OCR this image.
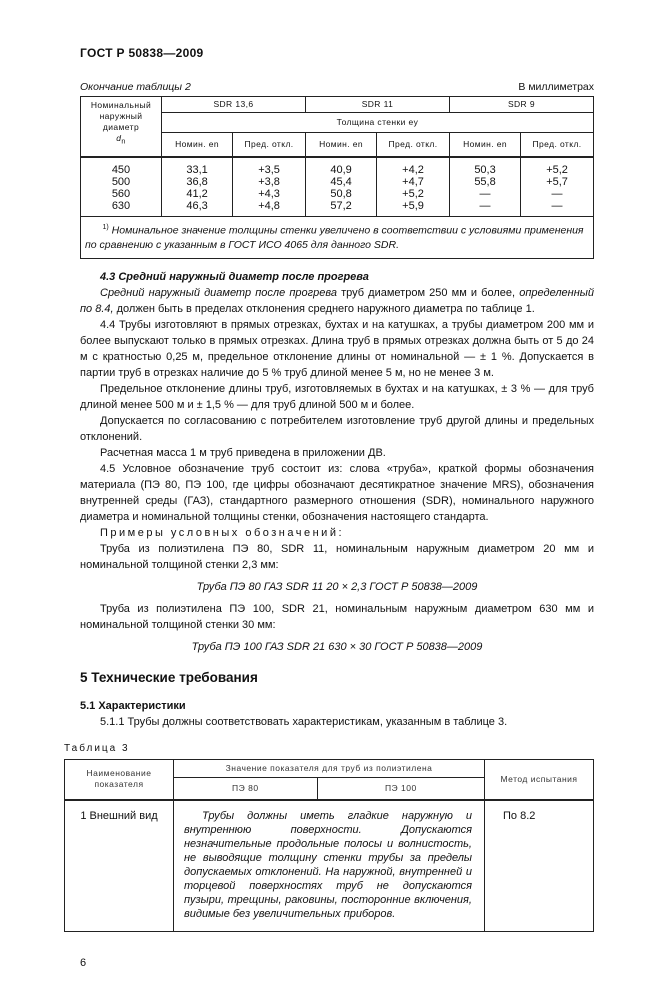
ГОСТ Р 50838—2009
Окончание таблицы 2	В миллиметрах
Номинальный наружный диаметр
$d_n$	SDR 13,6		SDR 11		SDR 9	
	Толщина стенки ey					
	Номин. en	Пред. откл.	Номин. en	Пред. откл.	Номин. en	Пред. откл.
450	33,1	+3,5	40,9	+4,2	50,3	+5,2
500	36,8	+3,8	45,4	+4,7	55,8	+5,7
560	41,2	+4,3	50,8	+5,2	—	—
630	46,3	+4,8	57,2	+5,9	—	—
$^{1)}$ Номинальное значение толщины стенки увеличено в соответствии с условиями применения по сравнению с указанным в ГОСТ ИСО 4065 для данного SDR.						

4.3 Средний наружный диаметр после прогрева

Средний наружный диаметр после прогрева труб диаметром 250 мм и более, определенный по 8.4, должен быть в пределах отклонения среднего наружного диаметра по таблице 1.

4.4 Трубы изготовляют в прямых отрезках, бухтах и на катушках, а трубы диаметром 200 мм и более выпускают только в прямых отрезках. Длина труб в прямых отрезках должна быть от 5 до 24 м с кратностью 0,25 м, предельное отклонение длины от номинальной — ± 1 %. Допускается в партии труб в отрезках наличие до 5 % труб длиной менее 5 м, но не менее 3 м.

Предельное отклонение длины труб, изготовляемых в бухтах и на катушках, ± 3 % — для труб длиной менее 500 м и ± 1,5 % — для труб длиной 500 м и более.

Допускается по согласованию с потребителем изготовление труб другой длины и предельных отклонений.

Расчетная масса 1 м труб приведена в приложении ДВ.

4.5 Условное обозначение труб состоит из: слова «труба», краткой формы обозначения материала (ПЭ 80, ПЭ 100, где цифры обозначают десятикратное значение MRS), обозначения внутренней среды (ГАЗ), стандартного размерного отношения (SDR), номинального наружного диаметра и номинальной толщины стенки, обозначения настоящего стандарта.

Примеры условных обозначений:

Труба из полиэтилена ПЭ 80, SDR 11, номинальным наружным диаметром 20 мм и номинальной толщиной стенки 2,3 мм:

Труба ПЭ 80 ГАЗ SDR 11 20 × 2,3 ГОСТ Р 50838—2009

Труба из полиэтилена ПЭ 100, SDR 21, номинальным наружным диаметром 630 мм и номинальной толщиной стенки 30 мм:

Труба ПЭ 100 ГАЗ SDR 21 630 × 30 ГОСТ Р 50838—2009

5 Технические требования

5.1 Характеристики

5.1.1 Трубы должны соответствовать характеристикам, указанным в таблице 3.

Таблица 3
Наименование показателя	Значение показателя для труб из полиэтилена		Метод испытания
	ПЭ 80	ПЭ 100	
1 Внешний вид	Трубы должны иметь гладкие наружную и внутреннюю поверхности. Допускаются незначительные продольные полосы и волнистость, не выводящие толщину стенки трубы за пределы допускаемых отклонений. На наружной, внутренней и торцевой поверхностях труб не допускаются пузыри, трещины, раковины, посторонние включения, видимые без увеличительных приборов.		По 8.2
6
